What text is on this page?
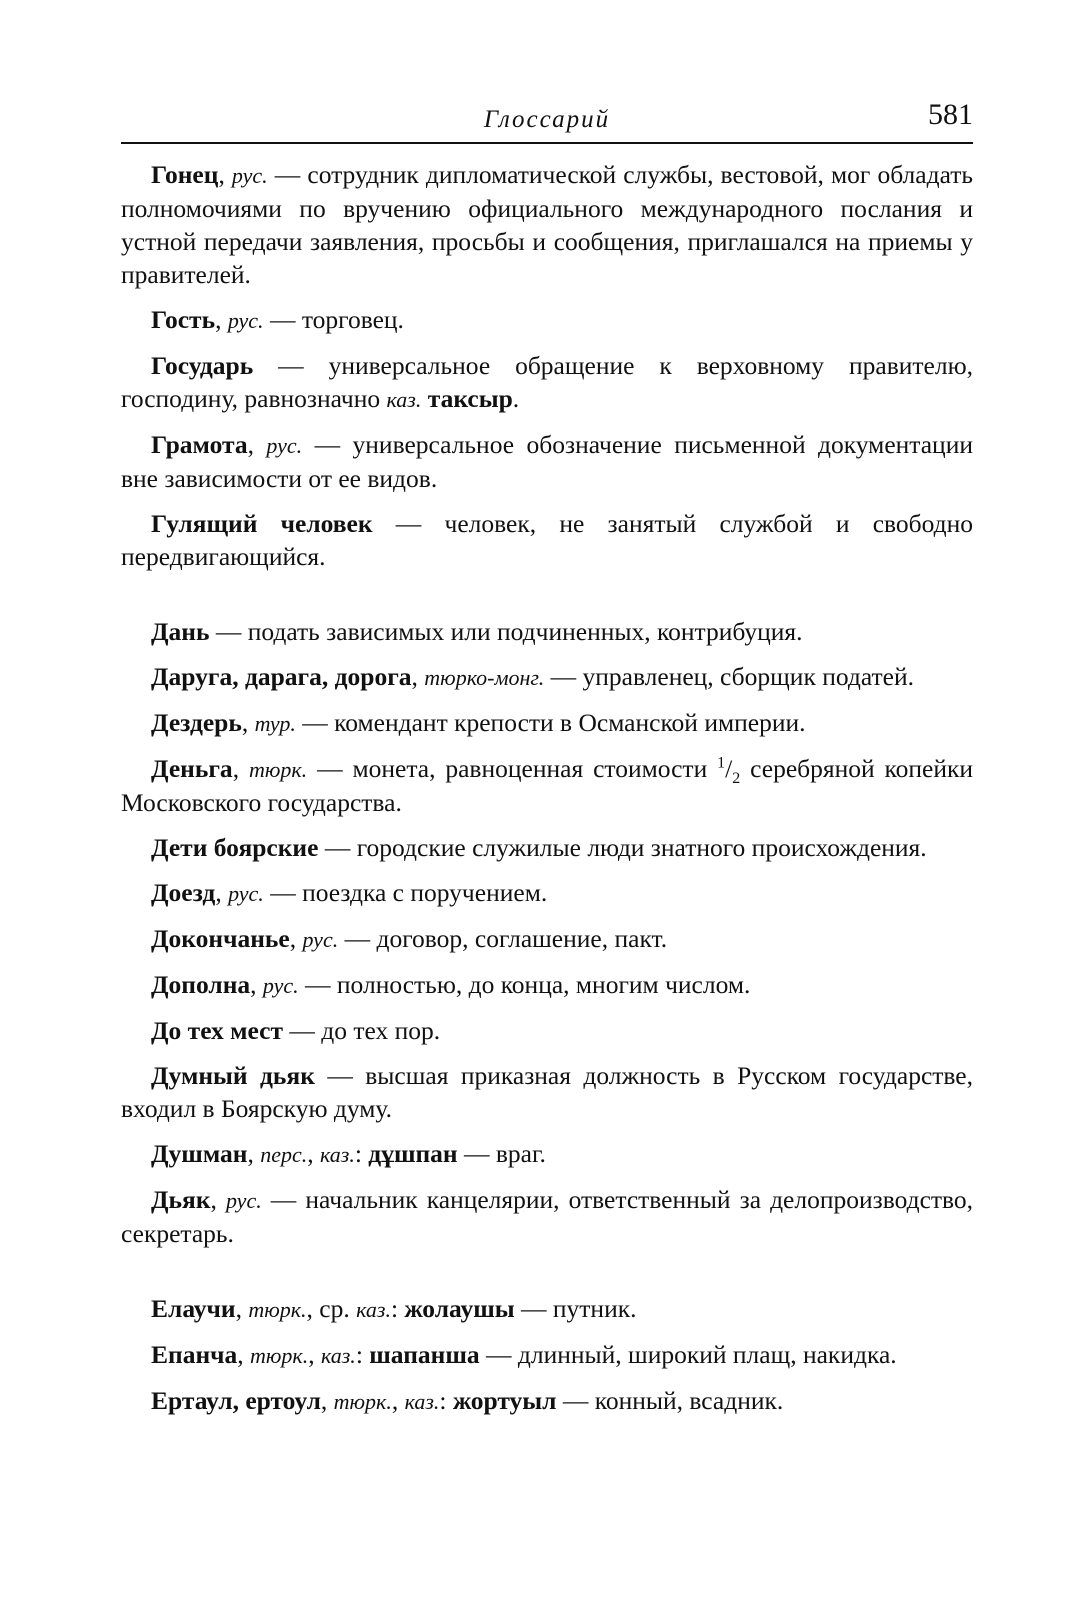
Глоссарий	581

Гонец, рус. — сотрудник дипломатической службы, вестовой, мог обладать полномочиями по вручению официального международного послания и устной передачи заявления, просьбы и сообщения, приглашался на приемы у правителей.

Гость, рус. — торговец.

Государь — универсальное обращение к верховному правителю, господину, равнозначно каз. таксыр.

Грамота, рус. — универсальное обозначение письменной документации вне зависимости от ее видов.

Гулящий человек — человек, не занятый службой и свободно передвигающийся.

Дань — подать зависимых или подчиненных, контрибуция.

Даруга, дарага, дорога, тюрко-монг. — управленец, сборщик податей.

Дездерь, тур. — комендант крепости в Османской империи.

Деньга, тюрк. — монета, равноценная стоимости $^1/_2$ серебряной копейки Московского государства.

Дети боярские — городские служилые люди знатного происхождения.

Доезд, рус. — поездка с поручением.

Докончанье, рус. — договор, соглашение, пакт.

Дополна, рус. — полностью, до конца, многим числом.

До тех мест — до тех пор.

Думный дьяк — высшая приказная должность в Русском государстве, входил в Боярскую думу.

Душман, перс., каз.: дұшпан — враг.

Дьяк, рус. — начальник канцелярии, ответственный за делопроизводство, секретарь.

Елаучи, тюрк., ср. каз.: жолаушы — путник.

Епанча, тюрк., каз.: шапанша — длинный, широкий плащ, накидка.

Ертаул, ертоул, тюрк., каз.: жортуыл — конный, всадник.
